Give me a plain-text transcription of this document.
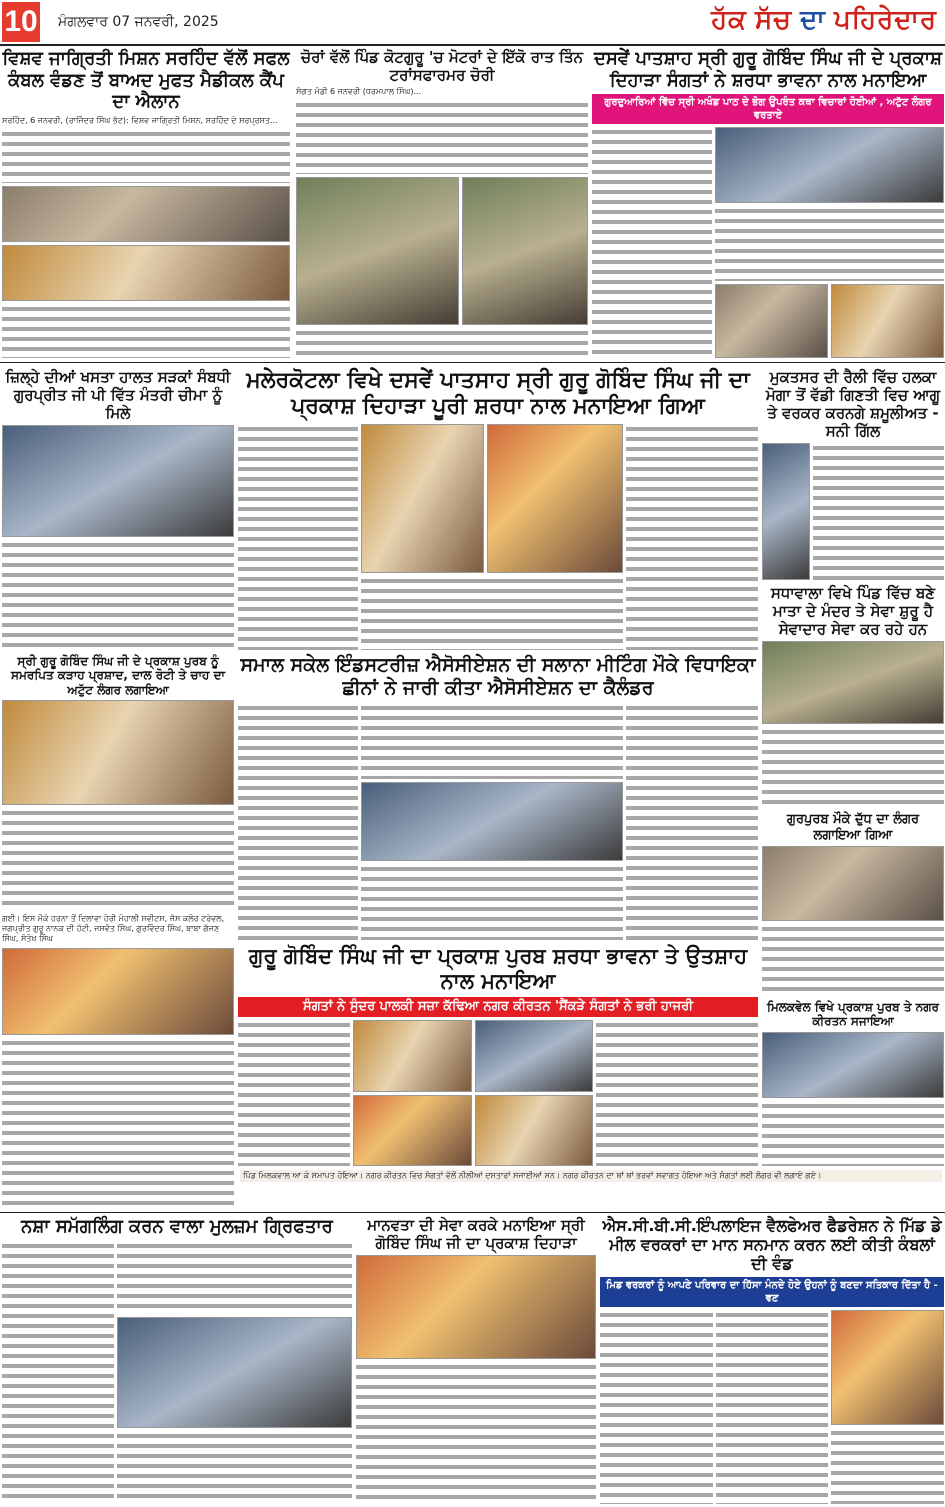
10 ਮੰਗਲਵਾਰ 07 ਜਨਵਰੀ, 2025	ਹੱਕ ਸੱਚ ਦਾ ਪਹਿਰੇਦਾਰ
ਵਿਸ਼ਵ ਜਾਗ੍ਰਿਤੀ ਮਿਸ਼ਨ ਸਰਹਿੰਦ ਵੱਲੋਂ ਸਫਲ ਕੰਬਲ ਵੰਡਣ ਤੋਂ ਬਾਅਦ ਮੁਫਤ ਮੈਡੀਕਲ ਕੈਂਪ ਦਾ ਐਲਾਨ
ਸਰਹਿੰਦ, 6 ਜਨਵਰੀ, (ਰਾਜਿੰਦਰ ਸਿੰਘ ਭੱਟ): ਵਿਸ਼ਵ ਜਾਗ੍ਰਿਤੀ ਮਿਸ਼ਨ, ਸਰਹਿੰਦ ਦੇ ਸਰਪ੍ਰਸਤ...
ਚੋਰਾਂ ਵੱਲੋਂ ਪਿੰਡ ਕੋਟਗੁਰੂ 'ਚ ਮੋਟਰਾਂ ਦੇ ਇੱਕੋ ਰਾਤ ਤਿੰਨ ਟਰਾਂਸਫਾਰਮਰ ਚੋਰੀ
ਸੰਗਤ ਮੰਡੀ 6 ਜਨਵਰੀ (ਧਰਮਪਾਲ ਸਿੰਘ)...
ਦਸਵੇਂ ਪਾਤਸ਼ਾਹ ਸ੍ਰੀ ਗੁਰੂ ਗੋਬਿੰਦ ਸਿੰਘ ਜੀ ਦੇ ਪ੍ਰਕਾਸ਼ ਦਿਹਾੜਾ ਸੰਗਤਾਂ ਨੇ ਸ਼ਰਧਾ ਭਾਵਨਾ ਨਾਲ ਮਨਾਇਆ
ਗੁਰਦੁਆਰਿਆਂ ਵਿੱਚ ਸ੍ਰੀ ਅਖੰਡ ਪਾਠ ਦੇ ਭੋਗ ਉਪਰੰਤ ਕਥਾ ਵਿਚਾਰਾਂ ਹੋਈਆਂ , ਅਟੁੱਟ ਲੰਗਰ ਵਰਤਾਏ
ਜ਼ਿਲ੍ਹੇ ਦੀਆਂ ਖਸਤਾ ਹਾਲਤ ਸੜਕਾਂ ਸੰਬਧੀ ਗੁਰਪ੍ਰੀਤ ਜੀ ਪੀ ਵਿੱਤ ਮੰਤਰੀ ਚੀਮਾ ਨੂੰ ਮਿਲੇ
ਮਲੇਰਕੋਟਲਾ ਵਿਖੇ ਦਸਵੇਂ ਪਾਤਸਾਹ ਸ੍ਰੀ ਗੁਰੂ ਗੋਬਿੰਦ ਸਿੰਘ ਜੀ ਦਾ ਪ੍ਰਕਾਸ਼ ਦਿਹਾੜਾ ਪੂਰੀ ਸ਼ਰਧਾ ਨਾਲ ਮਨਾਇਆ ਗਿਆ
ਮੁਕਤਸਰ ਦੀ ਰੈਲੀ ਵਿੱਚ ਹਲਕਾ ਮੋਗਾ ਤੋਂ ਵੱਡੀ ਗਿਣਤੀ ਵਿਚ ਆਗੂ ਤੇ ਵਰਕਰ ਕਰਨਗੇ ਸ਼ਮੂਲੀਅਤ - ਸਨੀ ਗਿੱਲ
ਸਧਾਵਾਲਾ ਵਿਖੇ ਪਿੰਡ ਵਿੱਚ ਬਣੇ ਮਾਤਾ ਦੇ ਮੰਦਰ ਤੇ ਸੇਵਾ ਸ਼ੁਰੂ ਹੈ ਸੇਵਾਦਾਰ ਸੇਵਾ ਕਰ ਰਹੇ ਹਨ
ਸ੍ਰੀ ਗੁਰੂ ਗੋਬਿੰਦ ਸਿੰਘ ਜੀ ਦੇ ਪ੍ਰਕਾਸ਼ ਪੁਰਬ ਨੂੰ ਸਮਰਪਿਤ ਕੜਾਹ ਪ੍ਰਸ਼ਾਦ, ਦਾਲ ਰੋਟੀ ਤੇ ਚਾਹ ਦਾ ਅਟੁੱਟ ਲੰਗਰ ਲਗਾਇਆ
ਗਈ। ਇਸ ਮੌਕੇ ਹਰਨਾ ਤੋਂ ਦਿਲਾਵਾ ਹੋਰੀ ਮੋਹਾਲੀ ਸਵੀਟਸ, ਜੱਸ ਕਲੋਰ ਟਰੇਵਲ, ਜਗਪ੍ਰੀਤ ਗੁਰੂ ਨਾਨਕ ਦੀ ਹੱਟੀ, ਜਸਵੰਤ ਸਿੰਘ, ਗੁਰਵਿੰਦਰ ਸਿੰਘ, ਬਾਬਾ ਗੱਜਣ ਸਿੰਘ, ਸੰਤੋਖ ਸਿੰਘ
ਸਮਾਲ ਸਕੇਲ ਇੰਡਸਟਰੀਜ਼ ਐਸੋਸੀਏਸ਼ਨ ਦੀ ਸਲਾਨਾ ਮੀਟਿੰਗ ਮੌਕੇ ਵਿਧਾਇਕਾ ਛੀਨਾਂ ਨੇ ਜਾਰੀ ਕੀਤਾ ਐਸੋਸੀਏਸ਼ਨ ਦਾ ਕੈਲੰਡਰ
ਗੁਰਪੁਰਬ ਮੌਕੇ ਦੁੱਧ ਦਾ ਲੰਗਰ ਲਗਾਇਆ ਗਿਆ
ਗੁਰੂ ਗੋਬਿੰਦ ਸਿੰਘ ਜੀ ਦਾ ਪ੍ਰਕਾਸ਼ ਪੁਰਬ ਸ਼ਰਧਾ ਭਾਵਨਾ ਤੇ ਉਤਸ਼ਾਹ ਨਾਲ ਮਨਾਇਆ
ਸੰਗਤਾਂ ਨੇ ਸੁੰਦਰ ਪਾਲਕੀ ਸਜ਼ਾ ਕੱਢਿਆ ਨਗਰ ਕੀਰਤਨ 'ਸੈਂਕੜੇ ਸੰਗਤਾਂ ਨੇ ਭਰੀ ਹਾਜਰੀ	ਮਿਲਕਵੇਲ ਵਿਖੇ ਪ੍ਰਕਾਸ਼ ਪੁਰਬ ਤੇ ਨਗਰ ਕੀਰਤਨ ਸਜਾਇਆ
ਪਿੰਡ ਮਿਲਕਵਾਲ ਆ ਕੇ ਸਮਾਪਤ ਹੋਇਆ। ਨਗਰ ਕੀਰਤਨ ਵਿਚ ਸੰਗਤਾਂ ਵੱਲੋਂ ਨੀਲੀਆਂ ਦਸਤਾਰਾਂ ਸਜਾਈਆਂ ਸਨ। ਨਗਰ ਕੀਰਤਨ ਦਾ ਥਾਂ ਥਾਂ ਭਰਵਾਂ ਸਵਾਗਤ ਹੋਇਆ ਅਤੇ ਸੰਗਤਾਂ ਲਈ ਲੰਗਰ ਵੀ ਲਗਾਏ ਗਏ।
ਨਸ਼ਾ ਸਮੱਗਲਿੰਗ ਕਰਨ ਵਾਲਾ ਮੁਲਜ਼ਮ ਗ੍ਰਿਫਤਾਰ	ਮਾਨਵਤਾ ਦੀ ਸੇਵਾ ਕਰਕੇ ਮਨਾਇਆ ਸ੍ਰੀ ਗੋਬਿੰਦ ਸਿੰਘ ਜੀ ਦਾ ਪ੍ਰਕਾਸ਼ ਦਿਹਾੜਾ
ਐਸ.ਸੀ.ਬੀ.ਸੀ.ਇੰਪਲਾਇਜ ਵੈਲਫੇਅਰ ਫੈਡਰੇਸ਼ਨ ਨੇ ਮਿੱਡ ਡੇ ਮੀਲ ਵਰਕਰਾਂ ਦਾ ਮਾਨ ਸਨਮਾਨ ਕਰਨ ਲਈ ਕੀਤੀ ਕੰਬਲਾਂ ਦੀ ਵੰਡ
ਮਿਡ ਵਰਕਰਾਂ ਨੂੰ ਆਪਣੇ ਪਰਿਵਾਰ ਦਾ ਹਿੱਸਾ ਮੰਨਦੇ ਹੋਏ ਉਹਨਾਂ ਨੂੰ ਬਣਦਾ ਸਤਿਕਾਰ ਦਿੱਤਾ ਹੈ - ਵਣ
